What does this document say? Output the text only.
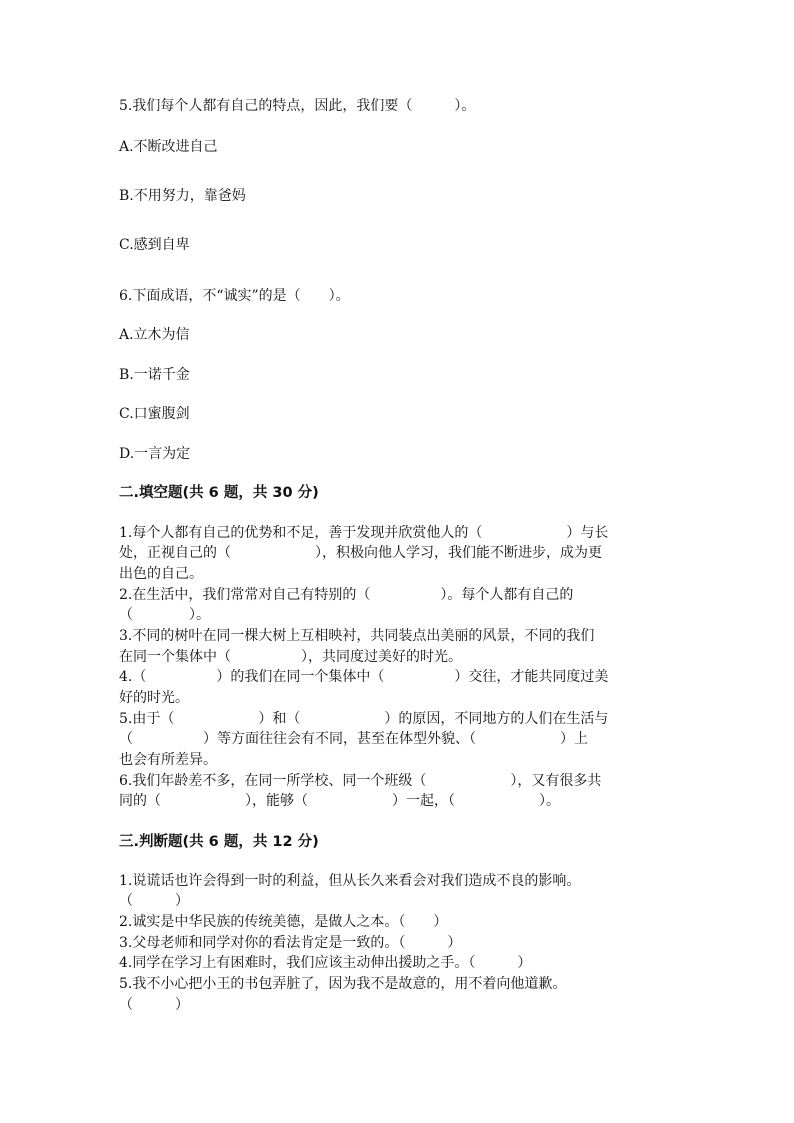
5.我们每个人都有自己的特点，因此，我们要（　　　）。
A.不断改进自己
B.不用努力，靠爸妈
C.感到自卑
6.下面成语，不“诚实”的是（　　）。
A.立木为信
B.一诺千金
C.口蜜腹剑
D.一言为定
二.填空题(共 6 题，共 30 分)
1.每个人都有自己的优势和不足，善于发现并欣赏他人的（　　　　　　）与长
处，正视自己的（　　　　　　），积极向他人学习，我们能不断进步，成为更
出色的自己。
2.在生活中，我们常常对自己有特别的（　　　　　）。每个人都有自己的
（　　　　）。
3.不同的树叶在同一棵大树上互相映衬，共同装点出美丽的风景，不同的我们
在同一个集体中（　　　　　），共同度过美好的时光。
4.（　　　　　）的我们在同一个集体中（　　　　　）交往，才能共同度过美
好的时光。
5.由于（　　　　　　）和（　　　　　　）的原因，不同地方的人们在生活与
（　　　　　）等方面往往会有不同，甚至在体型外貌、（　　　　　　）上
也会有所差异。
6.我们年龄差不多，在同一所学校、同一个班级（　　　　　　），又有很多共
同的（　　　　　　），能够（　　　　　　）一起，（　　　　　　）。
三.判断题(共 6 题，共 12 分)
1.说谎话也许会得到一时的利益，但从长久来看会对我们造成不良的影响。
（　　　）
2.诚实是中华民族的传统美德，是做人之本。（　　）
3.父母老师和同学对你的看法肯定是一致的。（　　　）
4.同学在学习上有困难时，我们应该主动伸出援助之手。（　　　）
5.我不小心把小王的书包弄脏了，因为我不是故意的，用不着向他道歉。
（　　　）
